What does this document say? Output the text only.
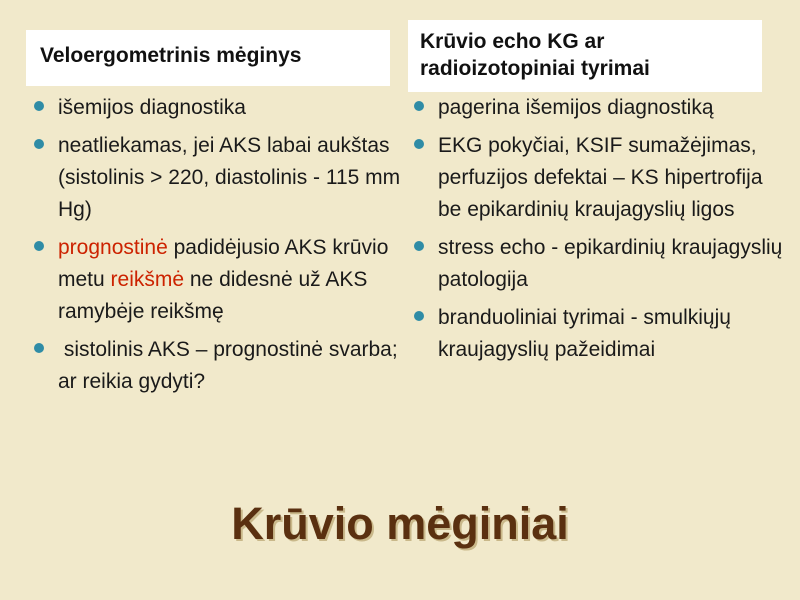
Veloergometrinis mėginys
Krūvio echo KG ar
radioizotopiniai tyrimai
išemijos diagnostika
neatliekamas, jei AKS labai aukštas (sistolinis > 220, diastolinis - 115 mm Hg)
prognostinė padidėjusio AKS krūvio metu reikšmė ne didesnė už AKS ramybėje reikšmę
sistolinis AKS – prognostinė svarba; ar reikia gydyti?
pagerina išemijos diagnostiką
EKG pokyčiai, KSIF sumažėjimas, perfuzijos defektai – KS hipertrofija be epikardinių kraujagyslių ligos
stress echo - epikardinių kraujagyslių patologija
branduoliniai tyrimai - smulkiųjų kraujagyslių pažeidimai
Krūvio mėginiai
